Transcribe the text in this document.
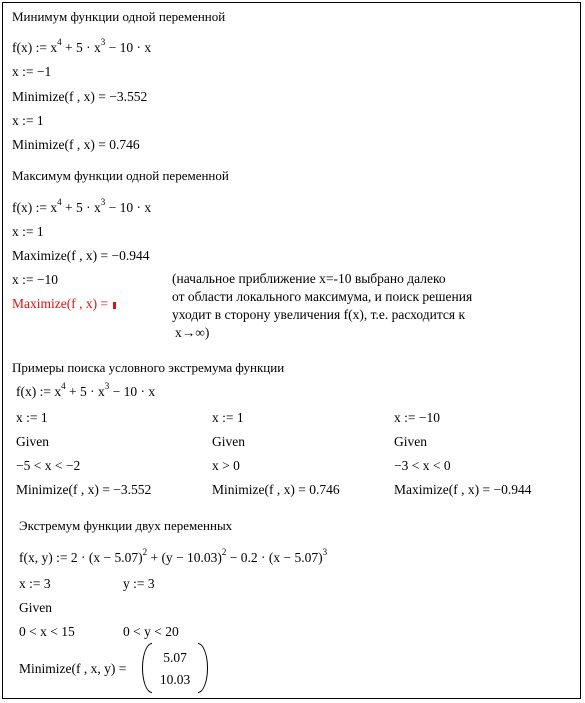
Минимум функции одной переменной
f(x) := $x^4 + 5 \cdot x^3 - 10 \cdot x$
x := −1
Minimize(f , x) = −3.552
x := 1
Minimize(f , x) = 0.746
Максимум функции одной переменной
f(x) := $x^4 + 5 \cdot x^3 - 10 \cdot x$
x := 1
Maximize(f , x) = −0.944
x := −10
Maximize(f , x) =
(начальное приближение x=-10 выбрано далеко
от области локального максимума, и поиск решения
уходит в сторону увеличения f(x), т.е. расходится к
x→∞)
Примеры поиска условного экстремума функции
f(x) := $x^4 + 5 \cdot x^3 - 10 \cdot x$
x := 1
Given
−5 < x < −2
Minimize(f , x) = −3.552
x := 1
Given
x > 0
Minimize(f , x) = 0.746
x := −10
Given
−3 < x < 0
Maximize(f , x) = −0.944
Экстремум функции двух переменных
f(x, y) := $2 \cdot (x - 5.07)^2 + (y - 10.03)^2 - 0.2 \cdot (x - 5.07)^3$
x := 3	y := 3
Given
0 < x < 15	0 < y < 20
Minimize(f , x, y) =
5.07
10.03
